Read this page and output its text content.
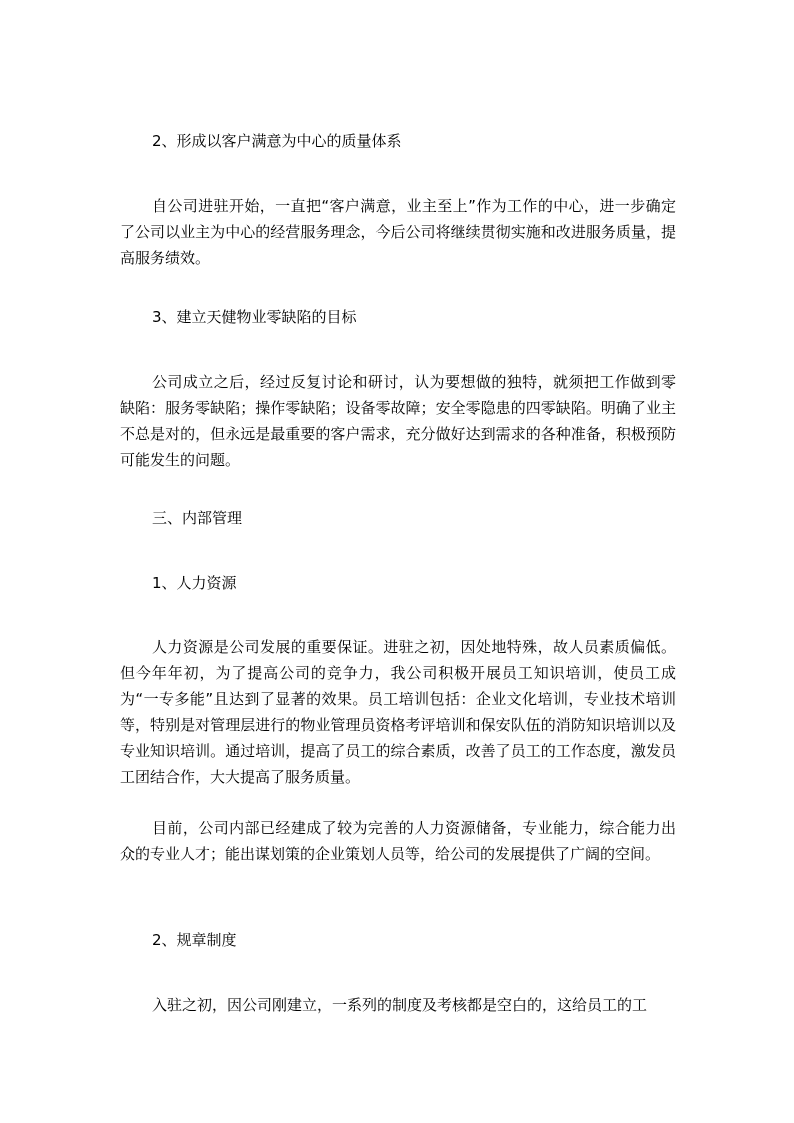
2、形成以客户满意为中心的质量体系

自公司进驻开始，一直把“客户满意，业主至上”作为工作的中心，进一步确定了公司以业主为中心的经营服务理念，今后公司将继续贯彻实施和改进服务质量，提高服务绩效。

3、建立天健物业零缺陷的目标

公司成立之后，经过反复讨论和研讨，认为要想做的独特，就须把工作做到零缺陷：服务零缺陷；操作零缺陷；设备零故障；安全零隐患的四零缺陷。明确了业主不总是对的，但永远是最重要的客户需求，充分做好达到需求的各种准备，积极预防可能发生的问题。

三、内部管理

1、人力资源

人力资源是公司发展的重要保证。进驻之初，因处地特殊，故人员素质偏低。但今年年初，为了提高公司的竞争力，我公司积极开展员工知识培训，使员工成为“一专多能”且达到了显著的效果。员工培训包括：企业文化培训，专业技术培训等，特别是对管理层进行的物业管理员资格考评培训和保安队伍的消防知识培训以及专业知识培训。通过培训，提高了员工的综合素质，改善了员工的工作态度，激发员工团结合作，大大提高了服务质量。

目前，公司内部已经建成了较为完善的人力资源储备，专业能力，综合能力出众的专业人才；能出谋划策的企业策划人员等，给公司的发展提供了广阔的空间。

2、规章制度

入驻之初，因公司刚建立，一系列的制度及考核都是空白的，这给员工的工
